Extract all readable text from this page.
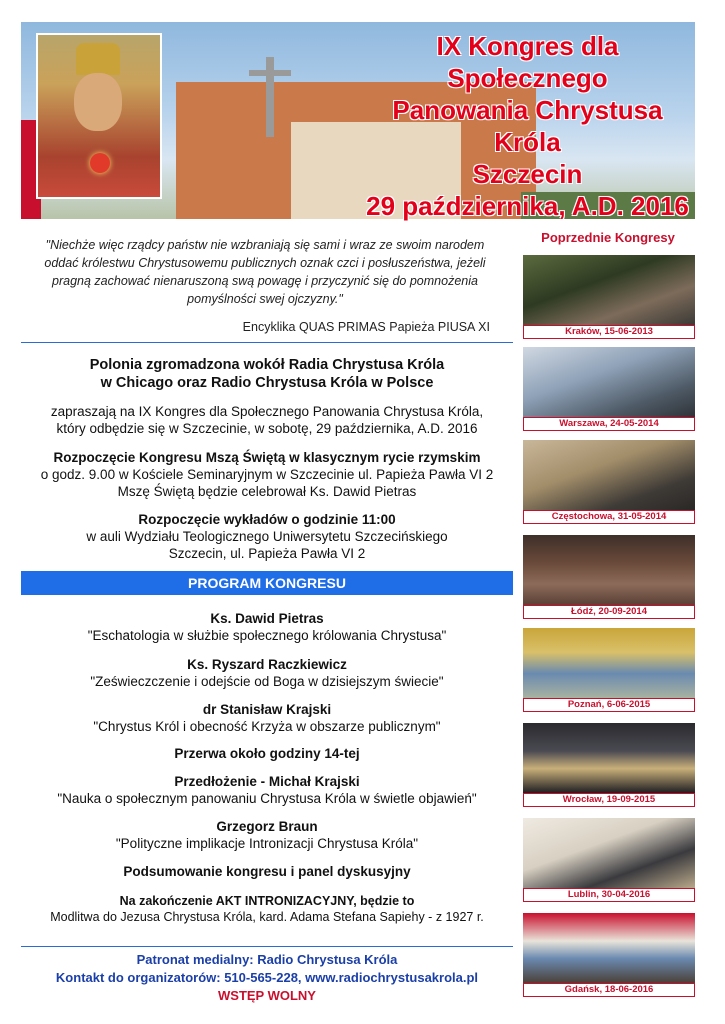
IX Kongres dla Społecznego
Panowania Chrystusa Króla
Szczecin
29 października, A.D. 2016
"Niechże więc rządcy państw nie wzbraniają się sami i wraz ze swoim narodem oddać królestwu Chrystusowemu publicznych oznak czci i posłuszeństwa, jeżeli pragną zachować nienaruszoną swą powagę i przyczynić się do pomnożenia pomyślności swej ojczyzny."
Encyklika QUAS PRIMAS Papieża PIUSA XI
Polonia zgromadzona wokół Radia Chrystusa Króla
w Chicago oraz Radio Chrystusa Króla w Polsce
zapraszają na IX Kongres dla Społecznego Panowania Chrystusa Króla,
który odbędzie się w Szczecinie, w sobotę, 29 października, A.D. 2016
Rozpoczęcie Kongresu Mszą Świętą w klasycznym rycie rzymskim
o godz. 9.00 w Kościele Seminaryjnym w Szczecinie ul. Papieża Pawła VI 2
Mszę Świętą będzie celebrował Ks. Dawid Pietras
Rozpoczęcie wykładów o godzinie 11:00
w auli Wydziału Teologicznego Uniwersytetu Szczecińskiego
Szczecin, ul. Papieża Pawła VI 2
PROGRAM KONGRESU
Ks. Dawid Pietras
"Eschatologia w służbie społecznego królowania Chrystusa"
Ks. Ryszard Raczkiewicz
"Ześwieczczenie i odejście od Boga w dzisiejszym świecie"
dr Stanisław Krajski
"Chrystus Król i obecność Krzyża w obszarze publicznym"
Przerwa około godziny 14-tej
Przedłożenie - Michał Krajski
"Nauka o społecznym panowaniu Chrystusa Króla w świetle objawień"
Grzegorz Braun
"Polityczne implikacje Intronizacji Chrystusa Króla"
Podsumowanie kongresu i panel dyskusyjny
Na zakończenie AKT INTRONIZACYJNY, będzie to
Modlitwa do Jezusa Chrystusa Króla, kard. Adama Stefana Sapiehy - z 1927 r.
Patronat medialny: Radio Chrystusa Króla
Kontakt do organizatorów: 510-565-228, www.radiochrystusakrola.pl
WSTĘP WOLNY
Poprzednie Kongresy
Kraków, 15-06-2013
Warszawa, 24-05-2014
Częstochowa, 31-05-2014
Łódź, 20-09-2014
Poznań, 6-06-2015
Wrocław, 19-09-2015
Lublin, 30-04-2016
Gdańsk, 18-06-2016
